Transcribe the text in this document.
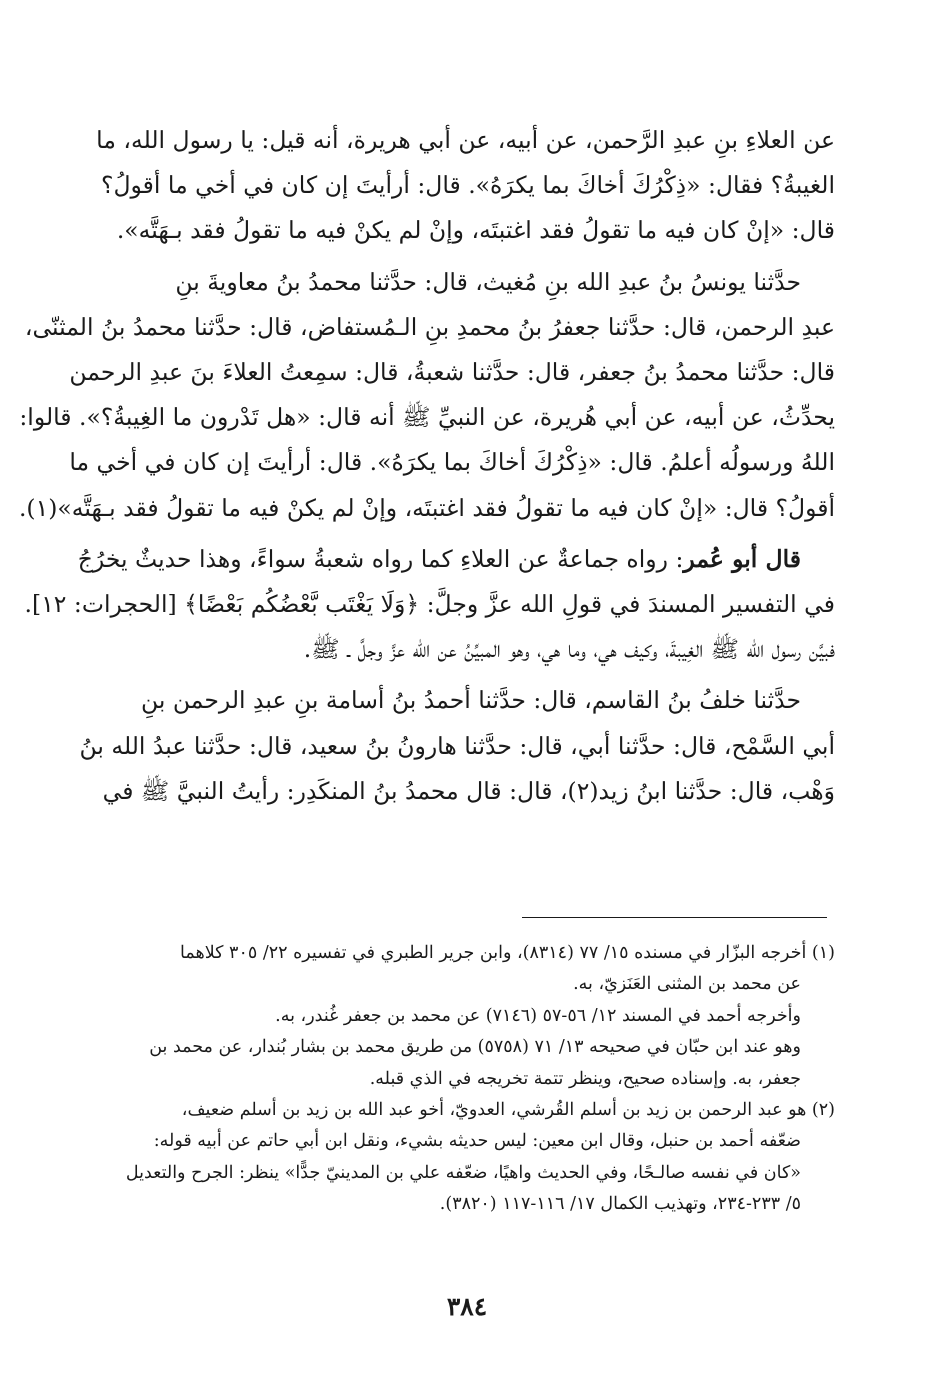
عن العلاءِ بنِ عبدِ الرَّحمن، عن أبيه، عن أبي هريرة، أنه قيل: يا رسول الله، ما
الغيبةُ؟ فقال: «ذِكْرُكَ أخاكَ بما يكرَهُ». قال: أرأيتَ إن كان في أخي ما أقولُ؟
قال: «إنْ كان فيه ما تقولُ فقد اغتبتَه، وإنْ لم يكنْ فيه ما تقولُ فقد بـهَتَّه».
حدَّثنا يونسُ بنُ عبدِ الله بنِ مُغيث، قال: حدَّثنا محمدُ بنُ معاويةَ بنِ
عبدِ الرحمن، قال: حدَّثنا جعفرُ بنُ محمدِ بنِ الـمُستفاض، قال: حدَّثنا محمدُ بنُ المثنّى،
قال: حدَّثنا محمدُ بنُ جعفر، قال: حدَّثنا شعبةُ، قال: سمِعتُ العلاءَ بنَ عبدِ الرحمن
يحدِّثُ، عن أبيه، عن أبي هُريرة، عن النبيِّ ﷺ أنه قال: «هل تَدْرون ما الغِيبةُ؟». قالوا:
اللهُ ورسولُه أعلمُ. قال: «ذِكْرُكَ أخاكَ بما يكرَهُ». قال: أرأيتَ إن كان في أخي ما
أقولُ؟ قال: «إنْ كان فيه ما تقولُ فقد اغتبتَه، وإنْ لم يكنْ فيه ما تقولُ فقد بـهَتَّه»(١).
قال أبو عُمر: رواه جماعةٌ عن العلاءِ كما رواه شعبةُ سواءً، وهذا حديثٌ يخرُجُ
في التفسير المسندَ في قولِ الله عزَّ وجلَّ: ﴿وَلَا يَغْتَب بَّعْضُكُم بَعْضًا﴾ [الحجرات: ١٢].
فبيَّن رسول الله ﷺ الغِيبةَ، وكيف هي، وما هي، وهو المبيِّنُ عن الله عزَّ وجلَّ ـ ﷺ.
حدَّثنا خلفُ بنُ القاسم، قال: حدَّثنا أحمدُ بنُ أسامة بنِ عبدِ الرحمن بنِ
أبي السَّمْح، قال: حدَّثنا أبي، قال: حدَّثنا هارونُ بنُ سعيد، قال: حدَّثنا عبدُ الله بنُ
وَهْب، قال: حدَّثنا ابنُ زيد(٢)، قال: قال محمدُ بنُ المنكَدِر: رأيتُ النبيَّ ﷺ في
(١) أخرجه البزّار في مسنده ١٥/ ٧٧ (٨٣١٤)، وابن جرير الطبري في تفسيره ٢٢/ ٣٠٥ كلاهما
عن محمد بن المثنى العَنَزيّ، به.
وأخرجه أحمد في المسند ١٢/ ٥٦-٥٧ (٧١٤٦) عن محمد بن جعفر غُندر، به.
وهو عند ابن حبّان في صحيحه ١٣/ ٧١ (٥٧٥٨) من طريق محمد بن بشار بُندار، عن محمد بن
جعفر، به. وإسناده صحيح، وينظر تتمة تخريجه في الذي قبله.
(٢) هو عبد الرحمن بن زيد بن أسلم القُرشي، العدويّ، أخو عبد الله بن زيد بن أسلم ضعيف،
ضعّفه أحمد بن حنبل، وقال ابن معين: ليس حديثه بشيء، ونقل ابن أبي حاتم عن أبيه قوله:
«كان في نفسه صالـحًا، وفي الحديث واهيًا، ضعّفه علي بن المدينيّ جدًّا» ينظر: الجرح والتعديل
٥/ ٢٣٣-٢٣٤، وتهذيب الكمال ١٧/ ١١٦-١١٧ (٣٨٢٠).
٣٨٤
